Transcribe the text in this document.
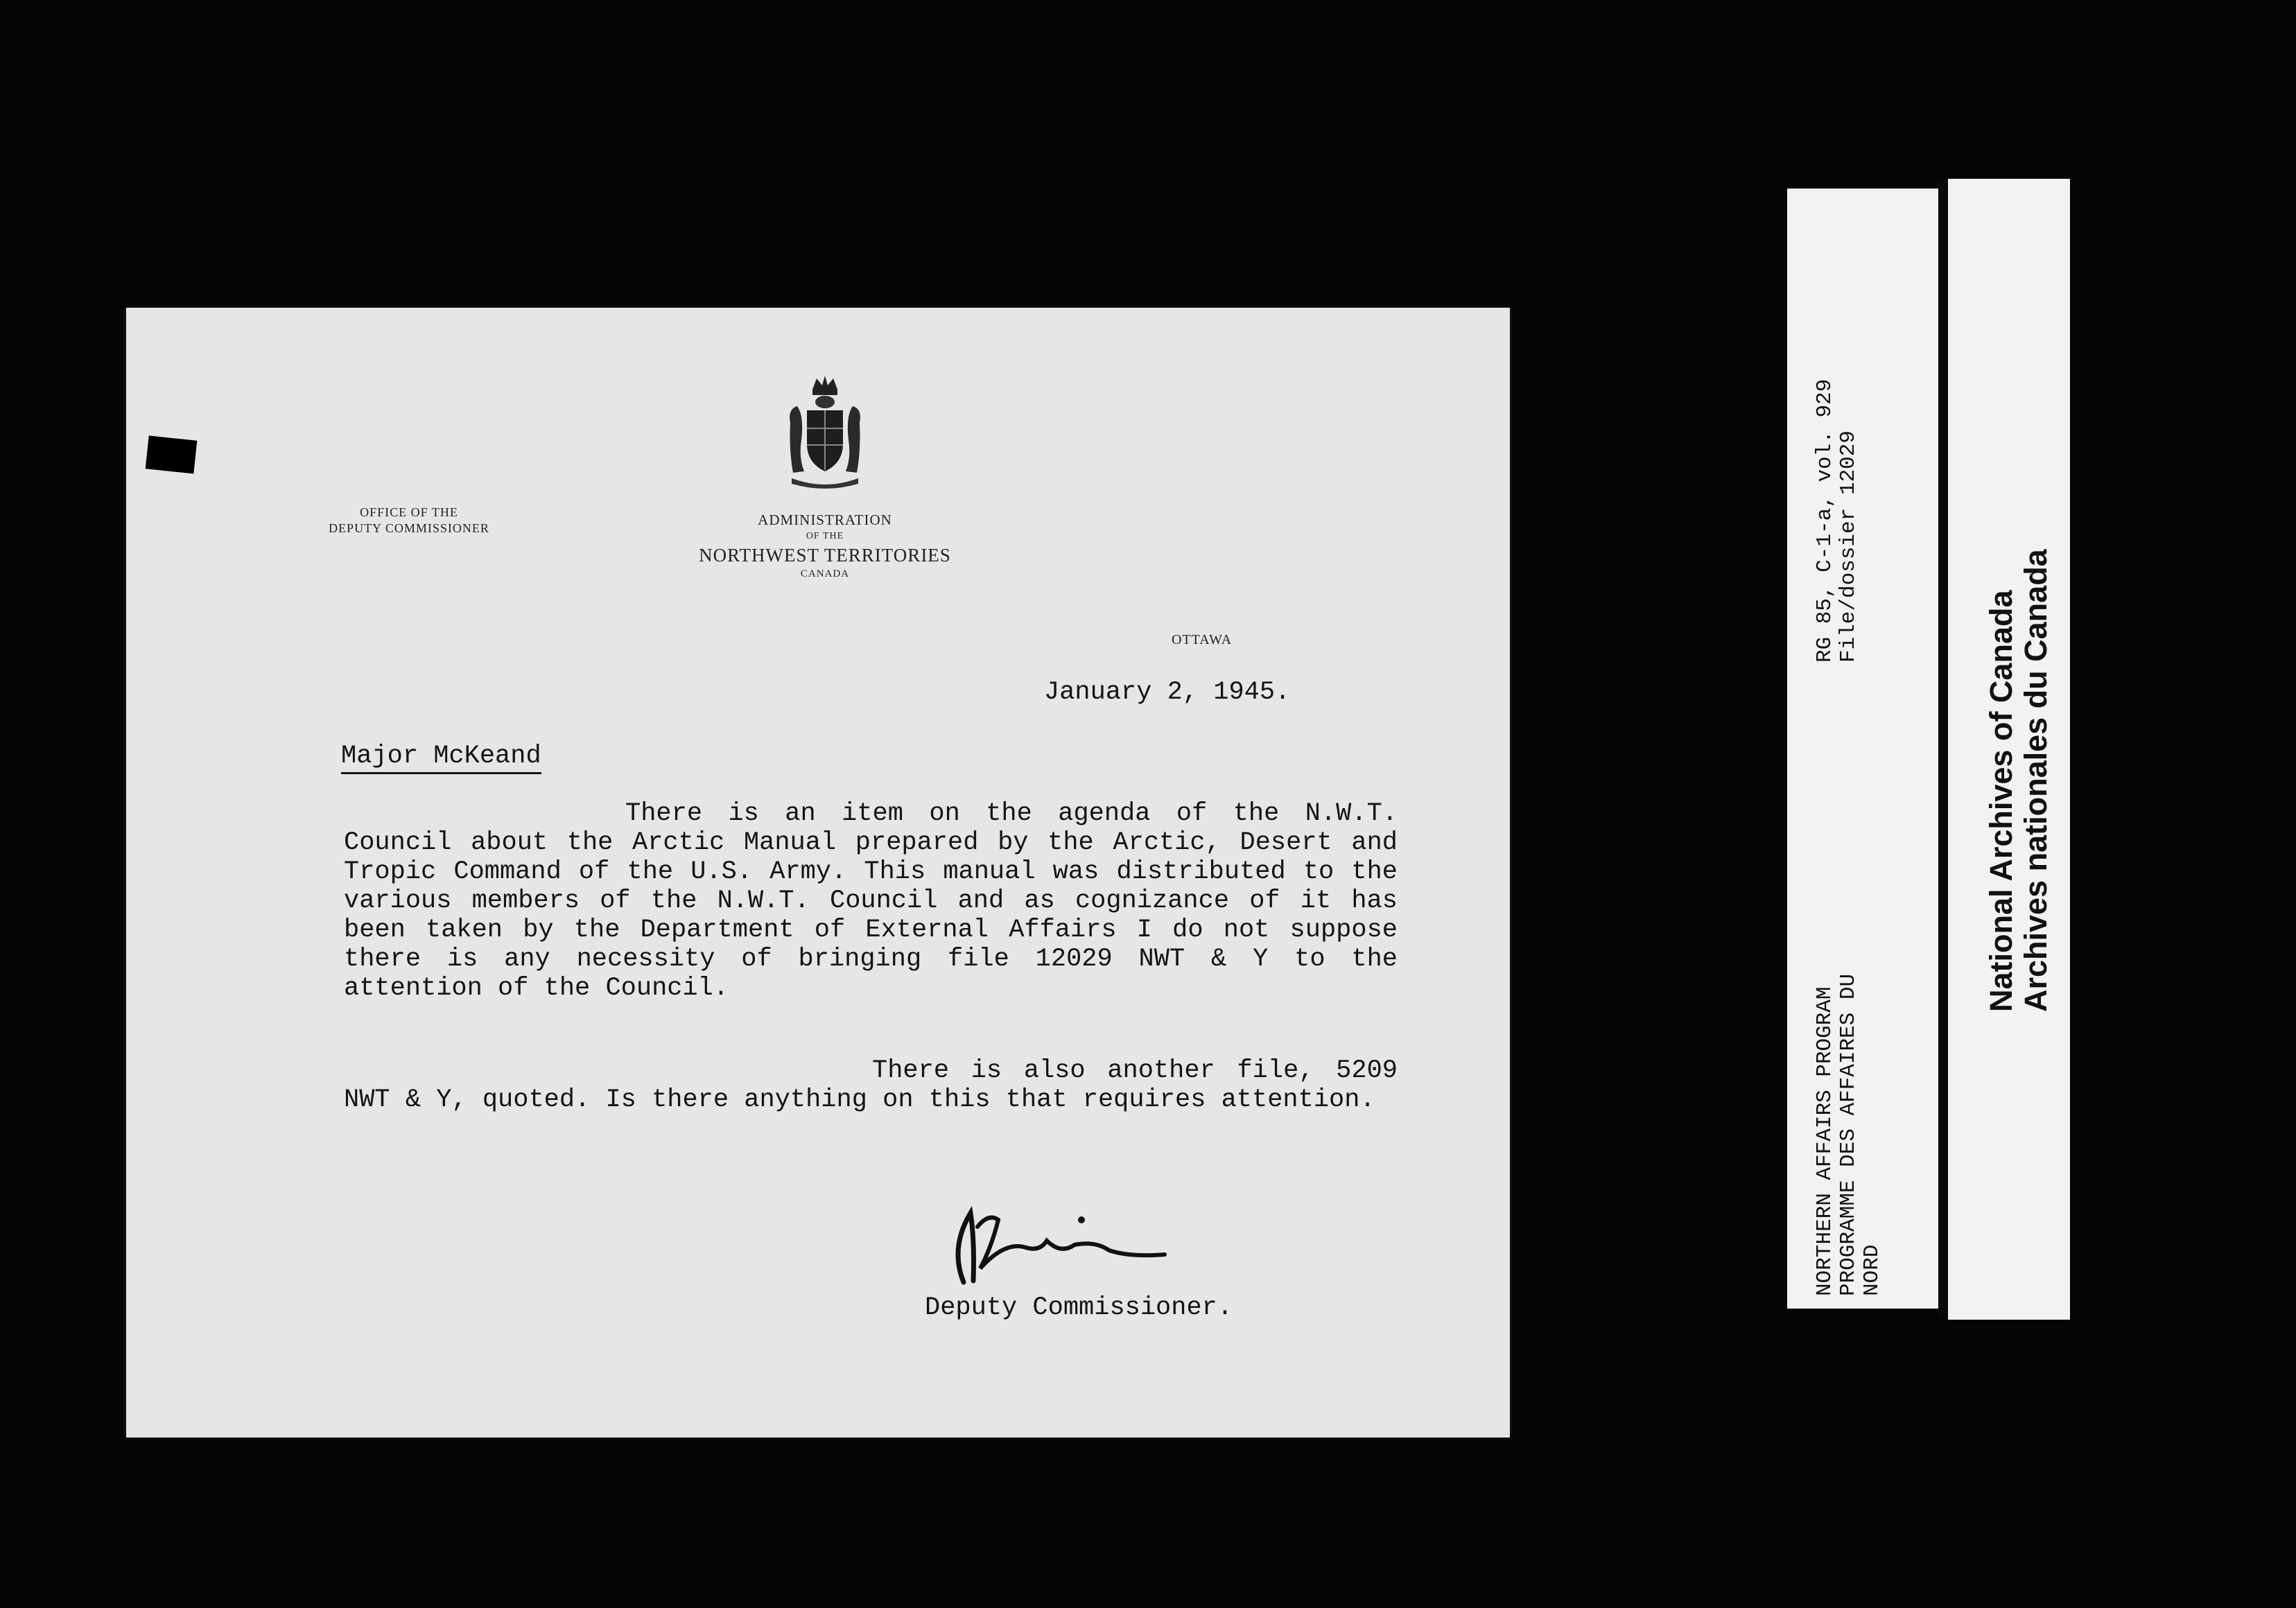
OFFICE OF THE
DEPUTY COMMISSIONER	ADMINISTRATION
OF THE
NORTHWEST TERRITORIES
CANADA
OTTAWA
January 2, 1945.
Major McKeand
There is an item on the agenda of the N.W.T. Council about the Arctic Manual prepared by the Arctic, Desert and Tropic Command of the U.S. Army. This manual was distributed to the various members of the N.W.T. Council and as cognizance of it has been taken by the Department of External Affairs I do not suppose there is any necessity of bringing file 12029 NWT & Y to the attention of the Council.
There is also another file, 5209 NWT & Y, quoted. Is there anything on this that requires attention.
Deputy Commissioner.
RG 85, C-1-a, vol. 929 File/dossier 12029
NORTHERN AFFAIRS PROGRAM PROGRAMME DES AFFAIRES DU NORD
National Archives of Canada Archives nationales du Canada
